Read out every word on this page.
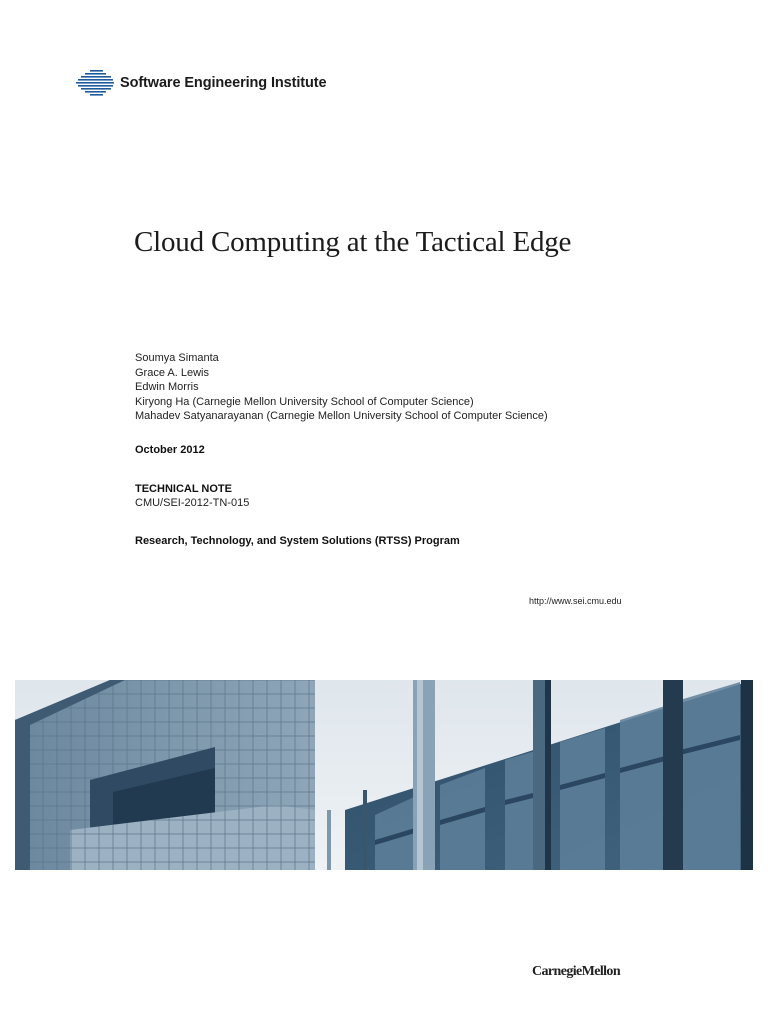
Software Engineering Institute
Cloud Computing at the Tactical Edge
Soumya Simanta
Grace A. Lewis
Edwin Morris
Kiryong Ha (Carnegie Mellon University School of Computer Science)
Mahadev Satyanarayanan (Carnegie Mellon University School of Computer Science)
October 2012
TECHNICAL NOTE
CMU/SEI-2012-TN-015
Research, Technology, and System Solutions (RTSS) Program
http://www.sei.cmu.edu
CarnegieMellon
